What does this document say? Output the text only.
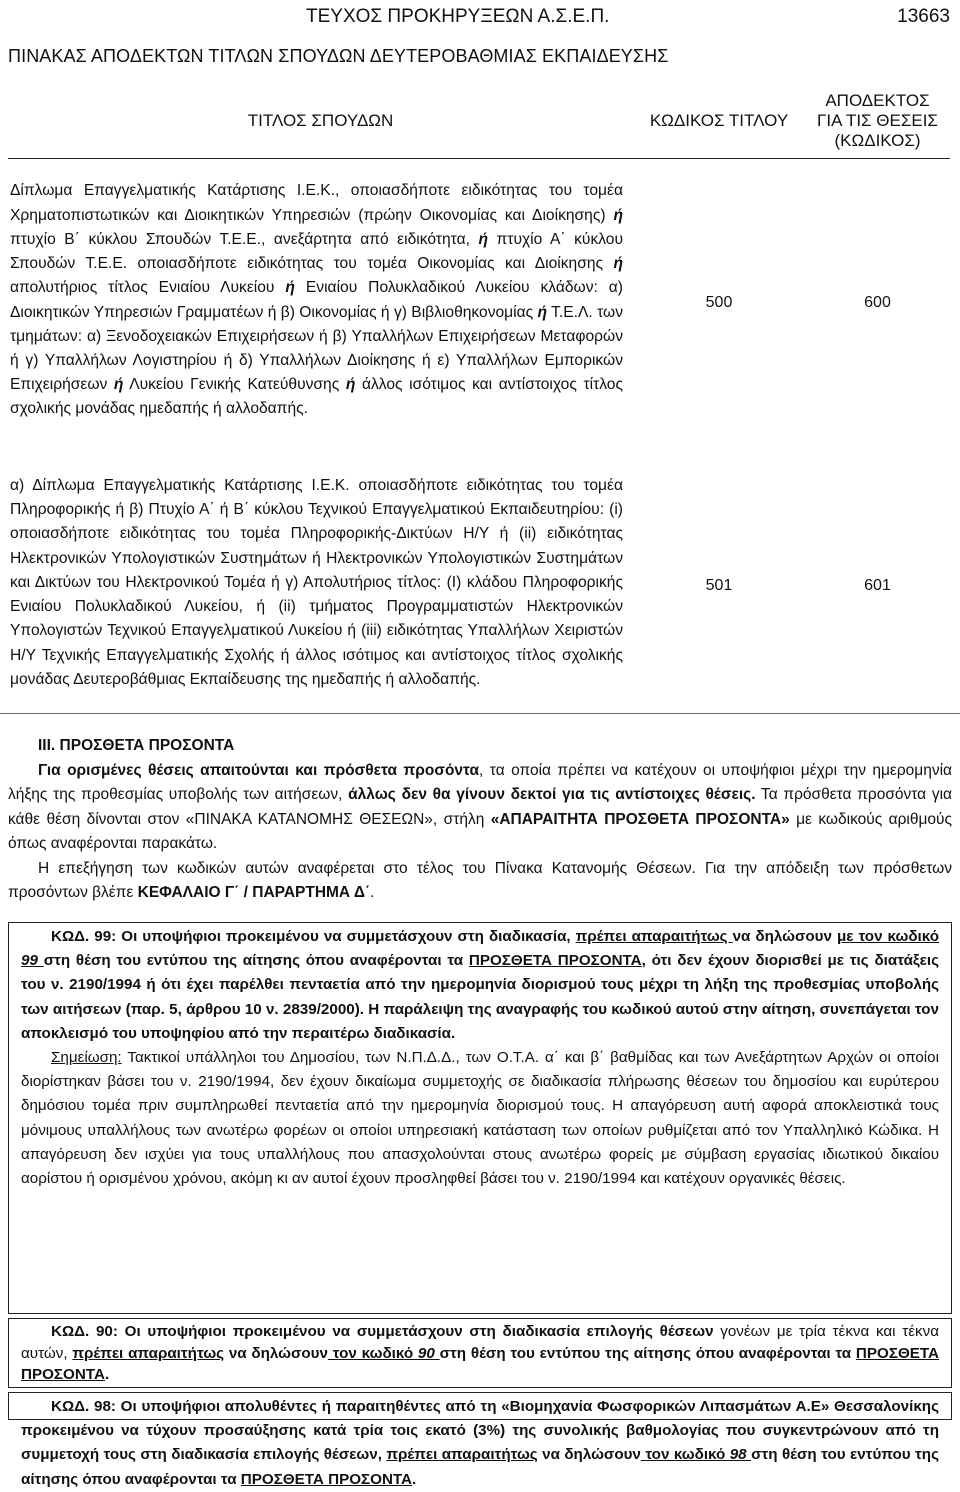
ΤΕΥΧΟΣ ΠΡΟΚΗΡΥΞΕΩΝ Α.Σ.Ε.Π.	13663
ΠΙΝΑΚΑΣ ΑΠΟΔΕΚΤΩΝ ΤΙΤΛΩΝ ΣΠΟΥΔΩΝ ΔΕΥΤΕΡΟΒΑΘΜΙΑΣ ΕΚΠΑΙΔΕΥΣΗΣ
ΤΙΤΛΟΣ ΣΠΟΥΔΩΝ	ΚΩΔΙΚΟΣ ΤΙΤΛΟΥ	ΑΠΟΔΕΚΤΟΣ
ΓΙΑ ΤΙΣ ΘΕΣΕΙΣ
(ΚΩΔΙΚΟΣ)

Δίπλωμα Επαγγελματικής Κατάρτισης Ι.Ε.Κ., οποιασδήποτε ειδικότητας του τομέα Χρηματοπιστωτικών και Διοικητικών Υπηρεσιών (πρώην Οικονομίας και Διοίκησης) ή πτυχίο Β΄ κύκλου Σπουδών Τ.Ε.Ε., ανεξάρτητα από ειδικότητα, ή πτυχίο Α΄ κύκλου Σπουδών Τ.Ε.Ε. οποιασδήποτε ειδικότητας του τομέα Οικονομίας και Διοίκησης ή απολυτήριος τίτλος Ενιαίου Λυκείου ή Ενιαίου Πολυκλαδικού Λυκείου κλάδων: α) Διοικητικών Υπηρεσιών Γραμματέων ή β) Οικονομίας ή γ) Βιβλιοθηκονομίας ή Τ.Ε.Λ. των τμημάτων: α) Ξενοδοχειακών Επιχειρήσεων ή β) Υπαλλήλων Επιχειρήσεων Μεταφορών ή γ) Υπαλλήλων Λογιστηρίου ή δ) Υπαλλήλων Διοίκησης ή ε) Υπαλλήλων Εμπορικών Επιχειρήσεων ή Λυκείου Γενικής Κατεύθυνσης ή άλλος ισότιμος και αντίστοιχος τίτλος σχολικής μονάδας ημεδαπής ή αλλοδαπής.	500	600
α) Δίπλωμα Επαγγελματικής Κατάρτισης Ι.Ε.Κ. οποιασδήποτε ειδικότητας του τομέα Πληροφορικής ή β) Πτυχίο Α΄ ή Β΄ κύκλου Τεχνικού Επαγγελματικού Εκπαιδευτηρίου: (i) οποιασδήποτε ειδικότητας του τομέα Πληροφορικής-Δικτύων Η/Υ ή (ii) ειδικότητας Ηλεκτρονικών Υπολογιστικών Συστημάτων ή Ηλεκτρονικών Υπολογιστικών Συστημάτων και Δικτύων του Ηλεκτρονικού Τομέα ή γ) Απολυτήριος τίτλος: (Ι) κλάδου Πληροφορικής Ενιαίου Πολυκλαδικού Λυκείου, ή (ii) τμήματος Προγραμματιστών Ηλεκτρονικών Υπολογιστών Τεχνικού Επαγγελματικού Λυκείου ή (iii) ειδικότητας Υπαλλήλων Χειριστών Η/Υ Τεχνικής Επαγγελματικής Σχολής ή άλλος ισότιμος και αντίστοιχος τίτλος σχολικής μονάδας Δευτεροβάθμιας Εκπαίδευσης της ημεδαπής ή αλλοδαπής.	501	601
ΙΙΙ. ΠΡΟΣΘΕΤΑ ΠΡΟΣΟΝΤΑ

Για ορισμένες θέσεις απαιτούνται και πρόσθετα προσόντα, τα οποία πρέπει να κατέχουν οι υποψήφιοι μέχρι την ημερομηνία λήξης της προθεσμίας υποβολής των αιτήσεων, άλλως δεν θα γίνουν δεκτοί για τις αντίστοιχες θέσεις. Τα πρόσθετα προσόντα για κάθε θέση δίνονται στον «ΠΙΝΑΚΑ ΚΑΤΑΝΟΜΗΣ ΘΕΣΕΩΝ», στήλη «ΑΠΑΡΑΙΤΗΤΑ ΠΡΟΣΘΕΤΑ ΠΡΟΣΟΝΤΑ» με κωδικούς αριθμούς όπως αναφέρονται παρακάτω.

Η επεξήγηση των κωδικών αυτών αναφέρεται στο τέλος του Πίνακα Κατανομής Θέσεων. Για την απόδειξη των πρόσθετων προσόντων βλέπε ΚΕΦΑΛΑΙΟ Γ΄ / ΠΑΡΑΡΤΗΜΑ Δ΄.

ΚΩΔ. 99: Οι υποψήφιοι προκειμένου να συμμετάσχουν στη διαδικασία, πρέπει απαραιτήτως να δηλώσουν με τον κωδικό 99 στη θέση του εντύπου της αίτησης όπου αναφέρονται τα ΠΡΟΣΘΕΤΑ ΠΡΟΣΟΝΤΑ, ότι δεν έχουν διορισθεί με τις διατάξεις του ν. 2190/1994 ή ότι έχει παρέλθει πενταετία από την ημερομηνία διορισμού τους μέχρι τη λήξη της προθεσμίας υποβολής των αιτήσεων (παρ. 5, άρθρου 10 ν. 2839/2000). Η παράλειψη της αναγραφής του κωδικού αυτού στην αίτηση, συνεπάγεται τον αποκλεισμό του υποψηφίου από την περαιτέρω διαδικασία.

Σημείωση: Τακτικοί υπάλληλοι του Δημοσίου, των Ν.Π.Δ.Δ., των Ο.Τ.Α. α΄ και β΄ βαθμίδας και των Ανεξάρτητων Αρχών οι οποίοι διορίστηκαν βάσει του ν. 2190/1994, δεν έχουν δικαίωμα συμμετοχής σε διαδικασία πλήρωσης θέσεων του δημοσίου και ευρύτερου δημόσιου τομέα πριν συμπληρωθεί πενταετία από την ημερομηνία διορισμού τους. Η απαγόρευση αυτή αφορά αποκλειστικά τους μόνιμους υπαλλήλους των ανωτέρω φορέων οι οποίοι υπηρεσιακή κατάσταση των οποίων ρυθμίζεται από τον Υπαλληλικό Κώδικα. Η απαγόρευση δεν ισχύει για τους υπαλλήλους που απασχολούνται στους ανωτέρω φορείς με σύμβαση εργασίας ιδιωτικού δικαίου αορίστου ή ορισμένου χρόνου, ακόμη κι αν αυτοί έχουν προσληφθεί βάσει του ν. 2190/1994 και κατέχουν οργανικές θέσεις.

ΚΩΔ. 90: Οι υποψήφιοι προκειμένου να συμμετάσχουν στη διαδικασία επιλογής θέσεων γονέων με τρία τέκνα και τέκνα αυτών, πρέπει απαραιτήτως να δηλώσουν τον κωδικό 90 στη θέση του εντύπου της αίτησης όπου αναφέρονται τα ΠΡΟΣΘΕΤΑ ΠΡΟΣΟΝΤΑ.

ΚΩΔ. 98: Οι υποψήφιοι απολυθέντες ή παραιτηθέντες από τη «Βιομηχανία Φωσφορικών Λιπασμάτων Α.Ε» Θεσσαλονίκης προκειμένου να τύχουν προσαύξησης κατά τρία τοις εκατό (3%) της συνολικής βαθμολογίας που συγκεντρώνουν από τη συμμετοχή τους στη διαδικασία επιλογής θέσεων, πρέπει απαραιτήτως να δηλώσουν τον κωδικό 98 στη θέση του εντύπου της αίτησης όπου αναφέρονται τα ΠΡΟΣΘΕΤΑ ΠΡΟΣΟΝΤΑ.
